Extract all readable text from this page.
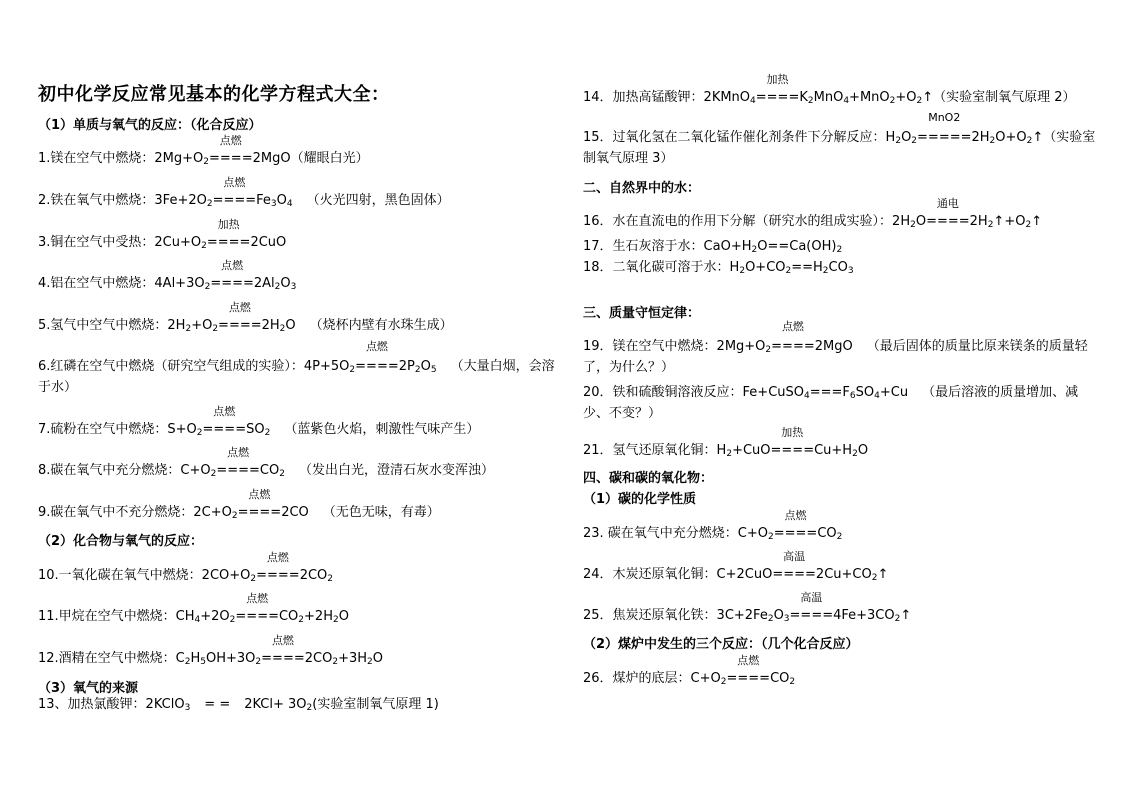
初中化学反应常见基本的化学方程式大全：
（1）单质与氧气的反应：（化合反应）
1.镁在空气中燃烧：$2Mg+O_2$
点燃
====2MgO（耀眼白光）
2.铁在氧气中燃烧：$3Fe+2O_2$
点燃
$====Fe_3O_4$ （火光四射，黑色固体）
3.铜在空气中受热：$2Cu+O_2$
加热
====2CuO
4.铝在空气中燃烧：$4Al+3O_2$
点燃
$====2Al_2O_3$
5.氢气中空气中燃烧：$2H_2+O_2$
点燃
$====2H_2O$ （烧杯内壁有水珠生成）
6.红磷在空气中燃烧（研究空气组成的实验）：$4P+5O_2$
点燃
$====2P_2O_5$ （大量白烟，会溶于水）
7.硫粉在空气中燃烧：$S+O_2$
点燃
$====SO_2$ （蓝紫色火焰，刺激性气味产生）
8.碳在氧气中充分燃烧：$C+O_2$
点燃
$====CO_2$ （发出白光，澄清石灰水变浑浊）
9.碳在氧气中不充分燃烧：$2C+O_2$
点燃
====2CO （无色无味，有毒）
（2）化合物与氧气的反应：
10.一氧化碳在氧气中燃烧：$2CO+O_2$
点燃
$====2CO_2$
11.甲烷在空气中燃烧：$CH_4+2O_2$
点燃
$====CO_2+2H_2O$
12.酒精在空气中燃烧：$C_2H_5OH+3O_2$
点燃
$====2CO_2+3H_2O$
（3）氧气的来源
13、加热氯酸钾：2KClO$_3$ = = $2KCl+ 3O_2$(实验室制氧气原理 1)
14．加热高锰酸钾：2KMnO$_4$
加热
$====K_2MnO_4+MnO_2+O_2↑$（实验室制氧气原理 2）
15．过氧化氢在二氧化锰作催化剂条件下分解反应：$H_2O_2$
MnO2
$=====2H_2O+O_2↑$（实验室制氧气原理 3）
二、自然界中的水：
16．水在直流电的作用下分解（研究水的组成实验）：$2H_2O$
通电
$====2H_2↑+O_2↑$
17．生石灰溶于水：$CaO+H_2O==Ca(OH)_2$
18．二氧化碳可溶于水：$H_2O+CO_2==H_2CO_3$
三、质量守恒定律：
19．镁在空气中燃烧：$2Mg+O_2$
点燃
====2MgO （最后固体的质量比原来镁条的质量轻了，为什么？）
20．铁和硫酸铜溶液反应：$Fe+CuSO_4===F_6SO_4+Cu$ （最后溶液的质量增加、减少、不变？）
21．氢气还原氧化铜：$H_2+CuO$
加热
$====Cu+H_2O$
四、碳和碳的氧化物：
（1）碳的化学性质
23. 碳在氧气中充分燃烧：$C+O_2$
点燃
$====CO_2$
24．木炭还原氧化铜：C+2CuO
高温
$====2Cu+CO_2↑$
25．焦炭还原氧化铁：$3C+2Fe_2O_3$
高温
$====4Fe+3CO_2↑$
（2）煤炉中发生的三个反应：（几个化合反应）
26．煤炉的底层：$C+O_2$
点燃
$====CO_2$
